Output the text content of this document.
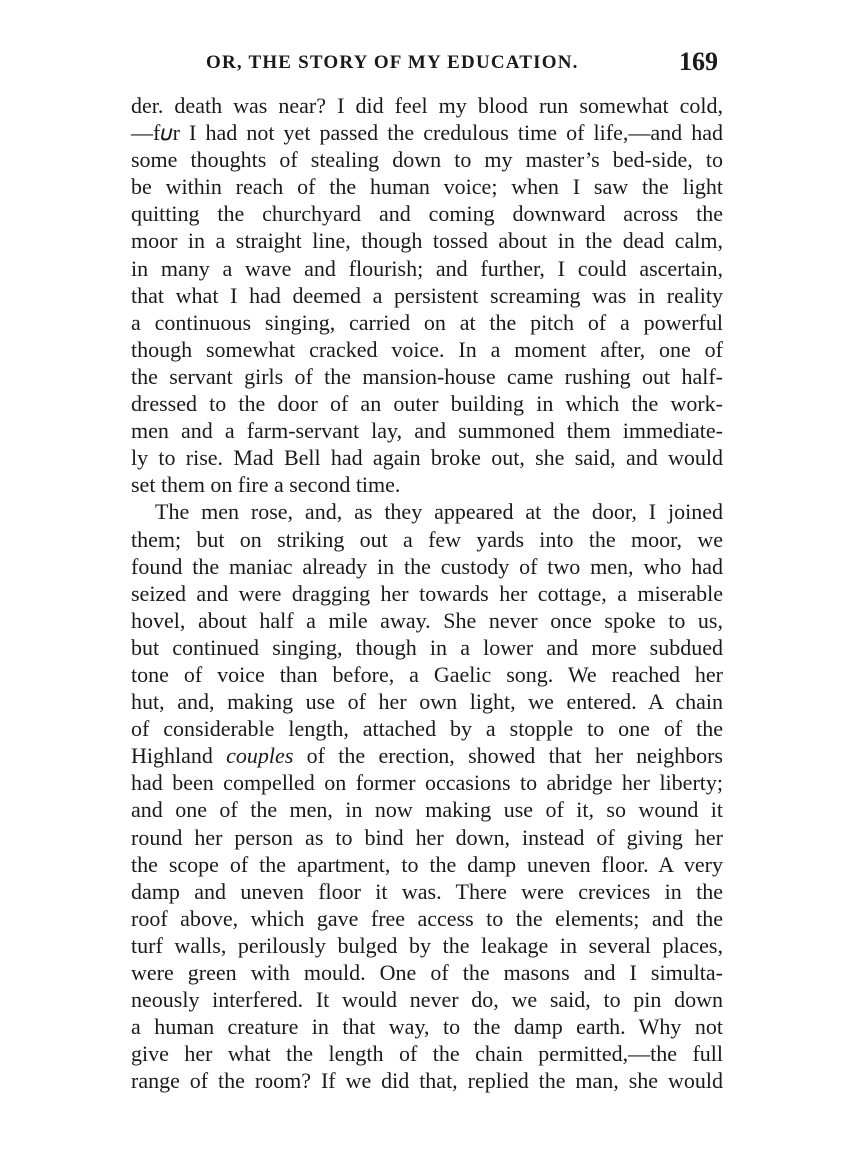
OR, THE STORY OF MY EDUCATION.	169
der. death was near? I did feel my blood run somewhat cold,
—f𝜐r I had not yet passed the credulous time of life,—and had
some thoughts of stealing down to my master’s bed-side, to
be within reach of the human voice; when I saw the light
quitting the churchyard and coming downward across the
moor in a straight line, though tossed about in the dead calm,
in many a wave and flourish; and further, I could ascertain,
that what I had deemed a persistent screaming was in reality
a continuous singing, carried on at the pitch of a powerful
though somewhat cracked voice. In a moment after, one of
the servant girls of the mansion-house came rushing out half-
dressed to the door of an outer building in which the work-
men and a farm-servant lay, and summoned them immediate-
ly to rise. Mad Bell had again broke out, she said, and would
set them on fire a second time.
The men rose, and, as they appeared at the door, I joined
them; but on striking out a few yards into the moor, we
found the maniac already in the custody of two men, who had
seized and were dragging her towards her cottage, a miserable
hovel, about half a mile away. She never once spoke to us,
but continued singing, though in a lower and more subdued
tone of voice than before, a Gaelic song. We reached her
hut, and, making use of her own light, we entered. A chain
of considerable length, attached by a stopple to one of the
Highland couples of the erection, showed that her neighbors
had been compelled on former occasions to abridge her liberty;
and one of the men, in now making use of it, so wound it
round her person as to bind her down, instead of giving her
the scope of the apartment, to the damp uneven floor. A very
damp and uneven floor it was. There were crevices in the
roof above, which gave free access to the elements; and the
turf walls, perilously bulged by the leakage in several places,
were green with mould. One of the masons and I simulta-
neously interfered. It would never do, we said, to pin down
a human creature in that way, to the damp earth. Why not
give her what the length of the chain permitted,—the full
range of the room? If we did that, replied the man, she would
